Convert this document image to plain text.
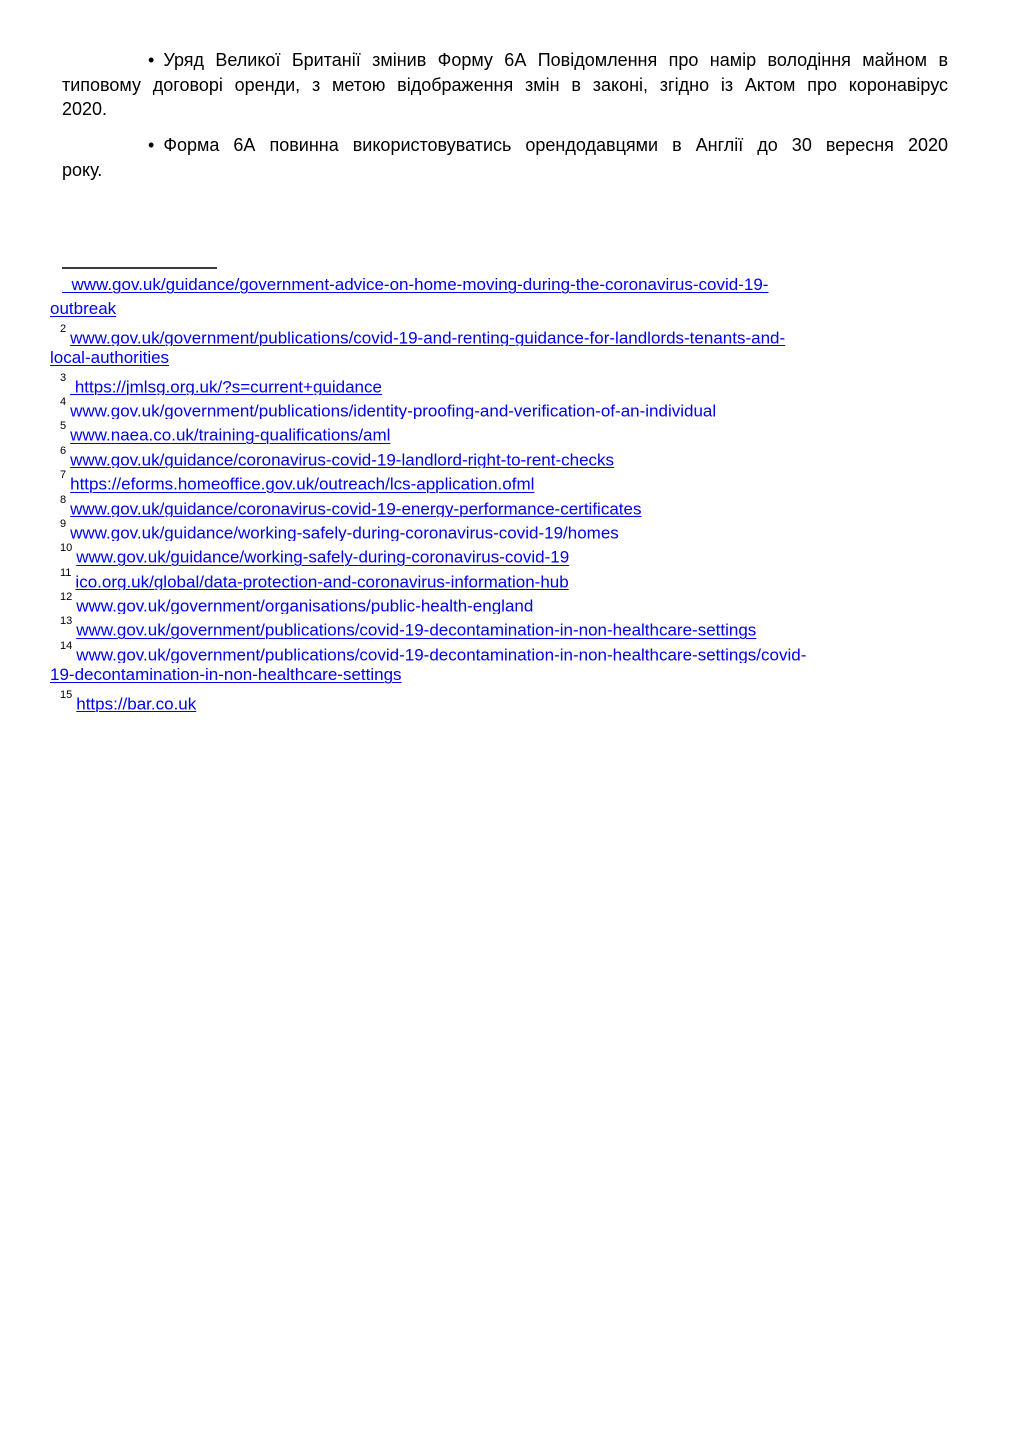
• Уряд Великої Британії змінив Форму 6А Повідомлення про намір володіння майном в
типовому договорі оренди, з метою відображення змін в законі, згідно із Актом про коронавірус
2020.
• Форма 6А повинна використовуватись орендодавцями в Англії до 30 вересня 2020
року.
www.gov.uk/guidance/government-advice-on-home-moving-during-the-coronavirus-covid-19-
outbreak
$^2$ www.gov.uk/government/publications/covid-19-and-renting-guidance-for-landlords-tenants-and-
local-authorities
$^3$ https://jmlsg.org.uk/?s=current+guidance
$^4$ www.gov.uk/government/publications/identity-proofing-and-verification-of-an-individual
$^5$ www.naea.co.uk/training-qualifications/aml
$^6$ www.gov.uk/guidance/coronavirus-covid-19-landlord-right-to-rent-checks
$^7$ https://eforms.homeoffice.gov.uk/outreach/lcs-application.ofml
$^8$ www.gov.uk/guidance/coronavirus-covid-19-energy-performance-certificates
$^9$ www.gov.uk/guidance/working-safely-during-coronavirus-covid-19/homes
$^{10}$ www.gov.uk/guidance/working-safely-during-coronavirus-covid-19
$^{11}$ ico.org.uk/global/data-protection-and-coronavirus-information-hub
$^{12}$ www.gov.uk/government/organisations/public-health-england
$^{13}$ www.gov.uk/government/publications/covid-19-decontamination-in-non-healthcare-settings
$^{14}$ www.gov.uk/government/publications/covid-19-decontamination-in-non-healthcare-settings/covid-
19-decontamination-in-non-healthcare-settings
$^{15}$ https://bar.co.uk
